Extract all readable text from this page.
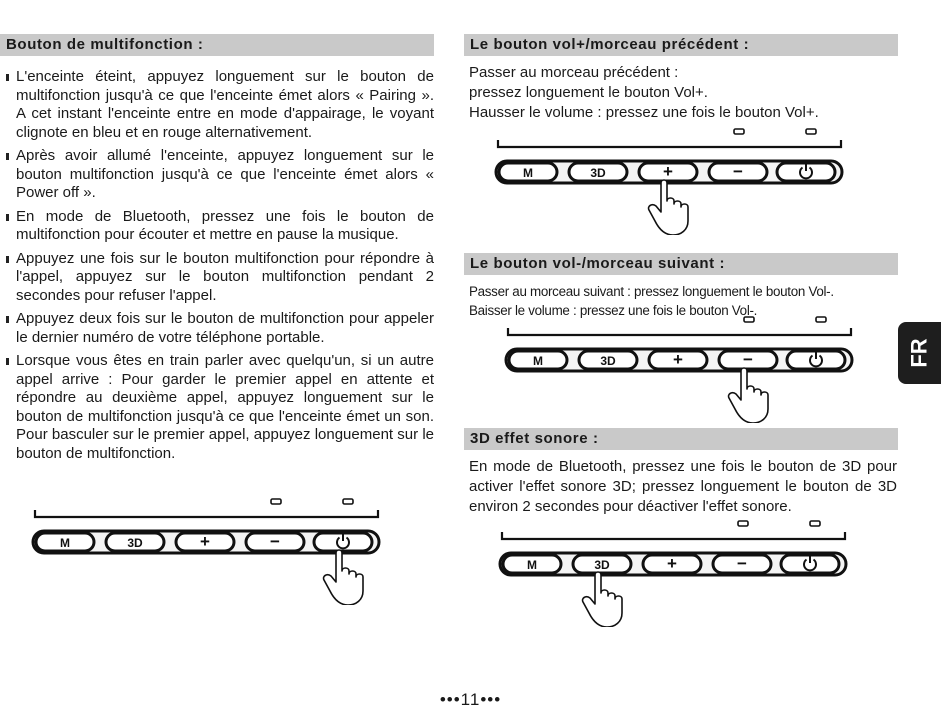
Bouton de multifonction :
L'enceinte éteint, appuyez longuement sur le bouton de multifonction jusqu'à ce que l'enceinte émet alors « Pairing ». A cet instant l'enceinte entre en mode d'appairage, le voyant clignote en bleu et en rouge alternativement.
Après avoir allumé l'enceinte, appuyez longuement sur le bouton multifonction jusqu'à ce que l'enceinte émet alors « Power off ».
En mode de Bluetooth, pressez une fois le bouton de multifonction pour écouter et mettre en pause la musique.
Appuyez une fois sur le bouton multifonction pour répondre à l'appel, appuyez sur le bouton multifonction pendant 2 secondes pour refuser l'appel.
Appuyez deux fois sur le bouton de multifonction pour appeler le dernier numéro de votre téléphone portable.
Lorsque vous êtes en train parler avec quelqu'un, si un autre appel arrive : Pour garder le premier appel en attente et répondre au deuxième appel, appuyez longuement sur le bouton de multifonction jusqu'à ce que l'enceinte émet un son. Pour basculer sur le premier appel, appuyez longuement sur le bouton de multifonction.
M	3D	+	−
Le bouton vol+/morceau précédent :
Passer au morceau précédent :
pressez longuement le bouton Vol+.
Hausser le volume : pressez une fois le bouton Vol+.
M	3D	+	−
Le bouton vol-/morceau suivant :
Passer au morceau suivant : pressez longuement le bouton Vol-.
Baisser le volume : pressez une fois le bouton Vol-.
M	3D	+	−
3D effet sonore :
En mode de Bluetooth, pressez une fois le bouton de 3D pour activer l'effet sonore 3D; pressez longuement le bouton de 3D environ 2 secondes pour déactiver l'effet sonore.
M	3D	+	−
FR
•••11•••
